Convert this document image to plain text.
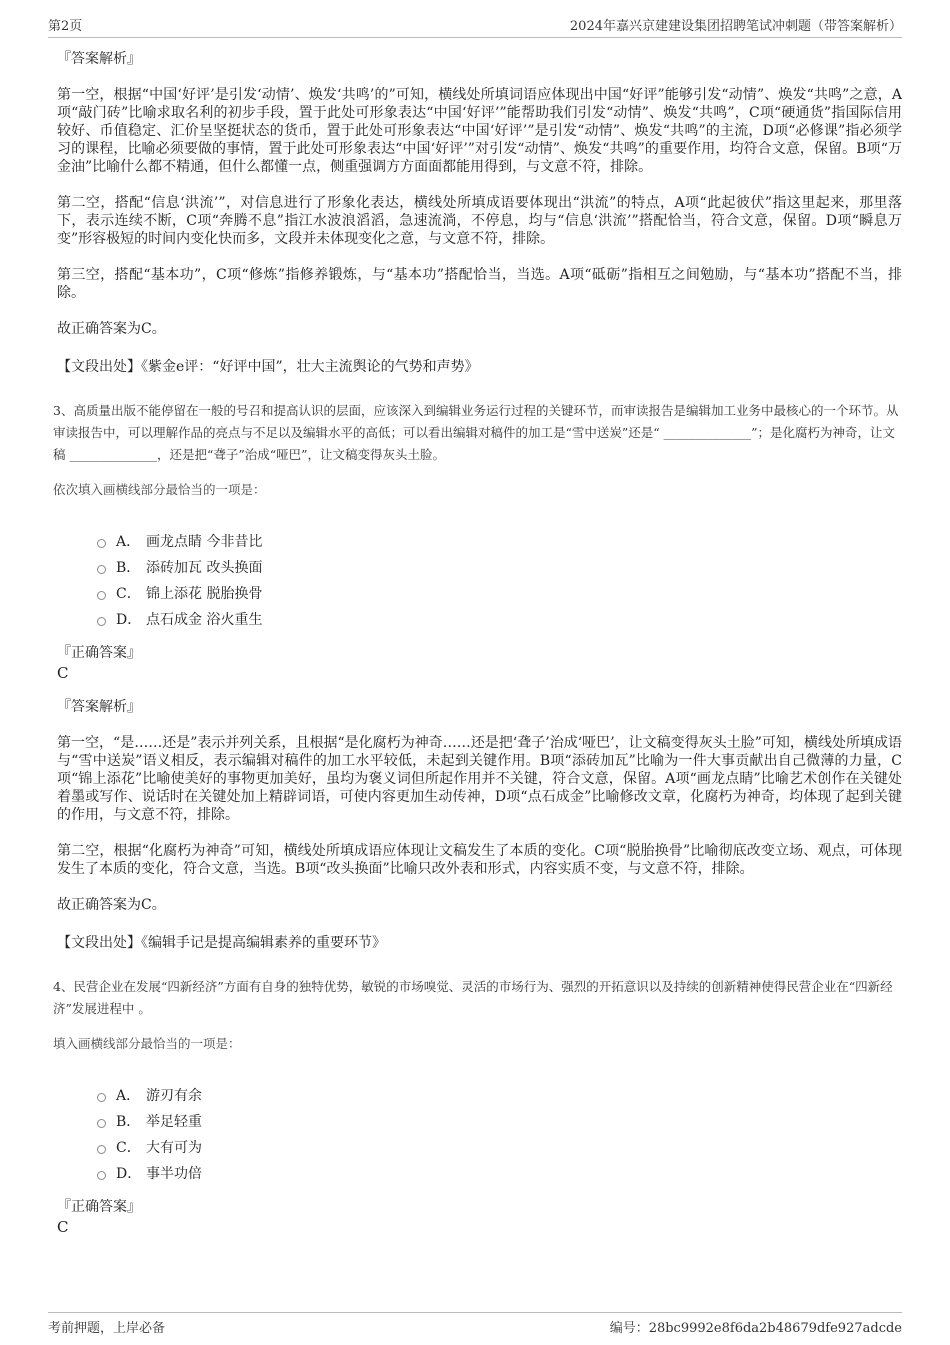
第2页	2024年嘉兴京建建设集团招聘笔试冲刺题（带答案解析）
『答案解析』

第一空，根据“中国‘好评’是引发‘动情’、焕发‘共鸣’的”可知，横线处所填词语应体现出中国“好评”能够引发“动情”、焕发“共鸣”之意，A项“敲门砖”比喻求取名利的初步手段，置于此处可形象表达“中国‘好评’”能帮助我们引发“动情”、焕发“共鸣”，C项“硬通货”指国际信用较好、币值稳定、汇价呈坚挺状态的货币，置于此处可形象表达“中国‘好评’”是引发“动情”、焕发“共鸣”的主流，D项“必修课”指必须学习的课程，比喻必须要做的事情，置于此处可形象表达“中国‘好评’”对引发“动情”、焕发“共鸣”的重要作用，均符合文意，保留。B项“万金油”比喻什么都不精通，但什么都懂一点，侧重强调方方面面都能用得到，与文意不符，排除。

第二空，搭配“信息‘洪流’”，对信息进行了形象化表达，横线处所填成语要体现出“洪流”的特点，A项“此起彼伏”指这里起来，那里落下，表示连续不断，C项“奔腾不息”指江水波浪滔滔，急速流淌，不停息，均与“信息‘洪流’”搭配恰当，符合文意，保留。D项“瞬息万变”形容极短的时间内变化快而多，文段并未体现变化之意，与文意不符，排除。

第三空，搭配“基本功”，C项“修炼”指修养锻炼，与“基本功”搭配恰当，当选。A项“砥砺”指相互之间勉励，与“基本功”搭配不当，排除。

故正确答案为C。

【文段出处】《紫金e评：“好评中国”，壮大主流舆论的气势和声势》
3、高质量出版不能停留在一般的号召和提高认识的层面，应该深入到编辑业务运行过程的关键环节，而审读报告是编辑加工业务中最核心的一个环节。从审读报告中，可以理解作品的亮点与不足以及编辑水平的高低；可以看出编辑对稿件的加工是“雪中送炭”还是“ ______________”；是化腐朽为神奇，让文稿 ______________，还是把“聋子”治成“哑巴”，让文稿变得灰头土脸。
依次填入画横线部分最恰当的一项是：
A． 画龙点睛 今非昔比
B． 添砖加瓦 改头换面
C． 锦上添花 脱胎换骨
D． 点石成金 浴火重生
『正确答案』
C
『答案解析』

第一空，“是……还是”表示并列关系，且根据“是化腐朽为神奇……还是把‘聋子’治成‘哑巴’，让文稿变得灰头土脸”可知，横线处所填成语与“雪中送炭”语义相反，表示编辑对稿件的加工水平较低，未起到关键作用。B项“添砖加瓦”比喻为一件大事贡献出自己微薄的力量，C项“锦上添花”比喻使美好的事物更加美好，虽均为褒义词但所起作用并不关键，符合文意，保留。A项“画龙点睛”比喻艺术创作在关键处着墨或写作、说话时在关键处加上精辟词语，可使内容更加生动传神，D项“点石成金”比喻修改文章，化腐朽为神奇，均体现了起到关键的作用，与文意不符，排除。

第二空，根据“化腐朽为神奇”可知，横线处所填成语应体现让文稿发生了本质的变化。C项“脱胎换骨”比喻彻底改变立场、观点，可体现发生了本质的变化，符合文意，当选。B项“改头换面”比喻只改外表和形式，内容实质不变，与文意不符，排除。

故正确答案为C。

【文段出处】《编辑手记是提高编辑素养的重要环节》
4、民营企业在发展“四新经济”方面有自身的独特优势，敏锐的市场嗅觉、灵活的市场行为、强烈的开拓意识以及持续的创新精神使得民营企业在“四新经济”发展进程中 。
填入画横线部分最恰当的一项是：
A． 游刃有余
B． 举足轻重
C． 大有可为
D． 事半功倍
『正确答案』
C
考前押题，上岸必备	编号：28bc9992e8f6da2b48679dfe927adcde
